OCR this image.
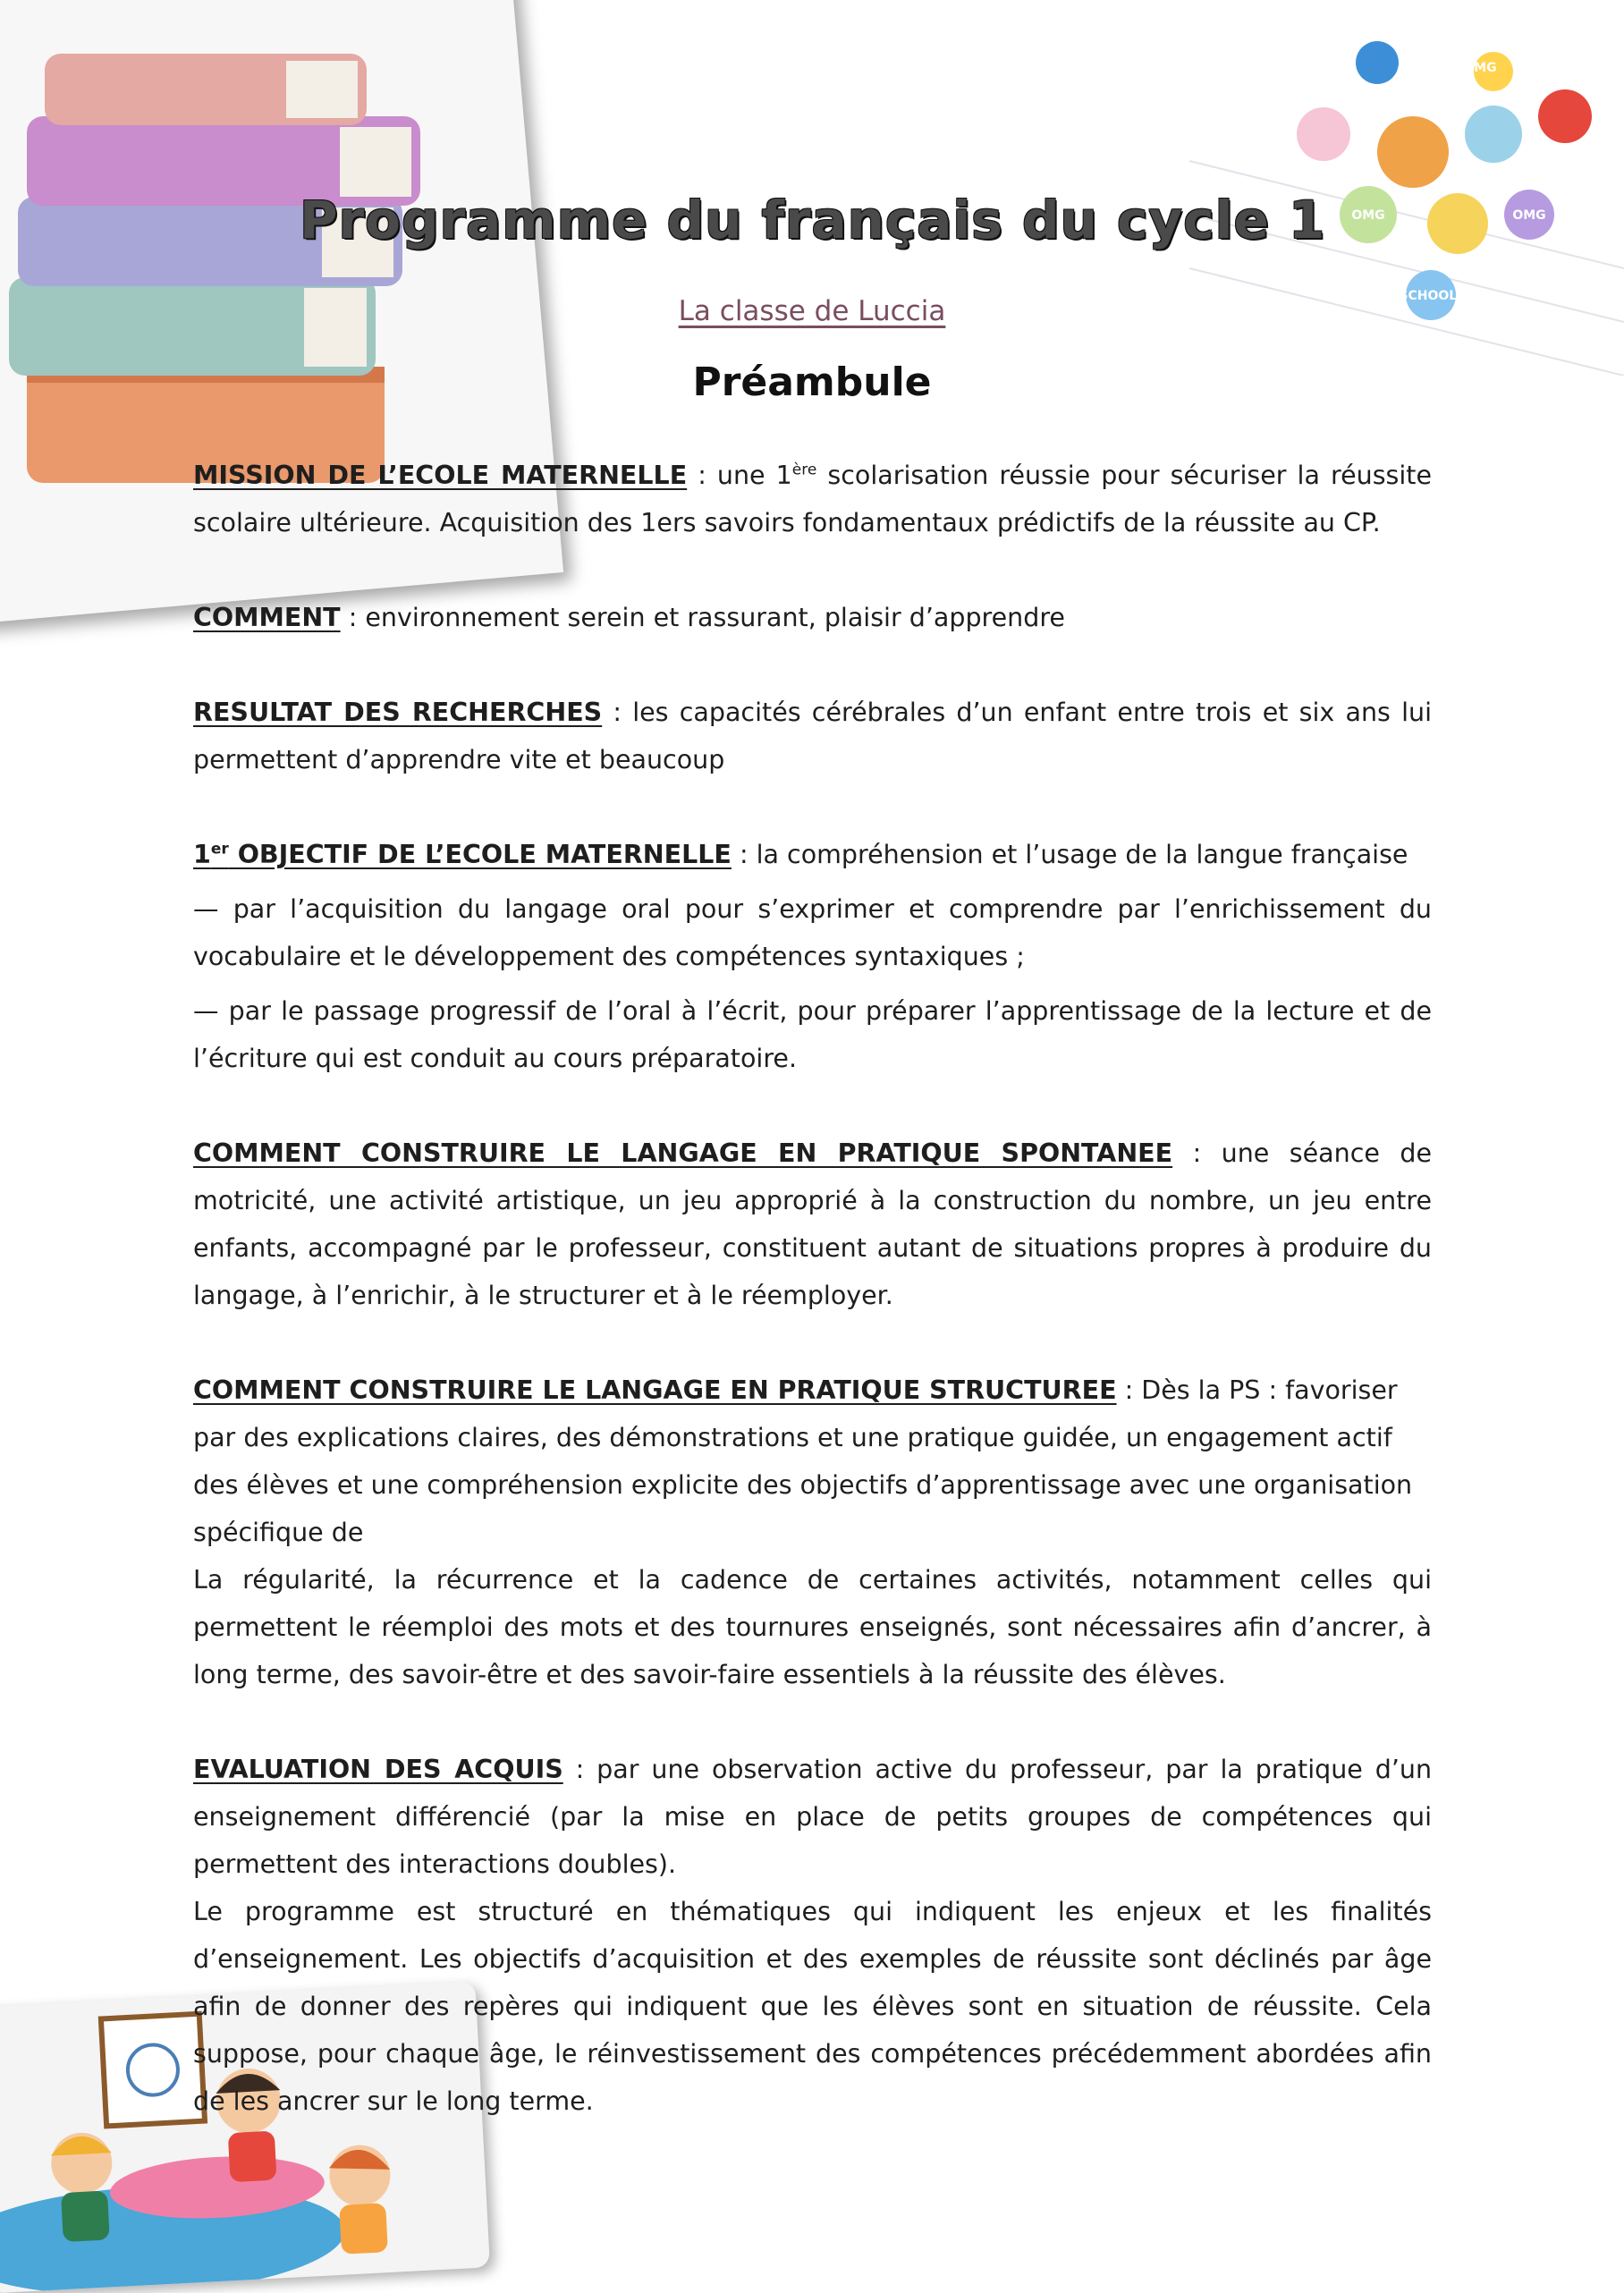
OMG
SCHOOL!
OMG	OMG
Programme du français du cycle 1
La classe de Luccia
Préambule

MISSION DE L’ECOLE MATERNELLE : une 1ère scolarisation réussie pour sécuriser la réussite scolaire ultérieure. Acquisition des 1ers savoirs fondamentaux prédictifs de la réussite au CP.

COMMENT : environnement serein et rassurant, plaisir d’apprendre

RESULTAT DES RECHERCHES : les capacités cérébrales d’un enfant entre trois et six ans lui permettent d’apprendre vite et beaucoup

1er OBJECTIF DE L’ECOLE MATERNELLE : la compréhension et l’usage de la langue française

— par l’acquisition du langage oral pour s’exprimer et comprendre par l’enrichissement du vocabulaire et le développement des compétences syntaxiques ;

— par le passage progressif de l’oral à l’écrit, pour préparer l’apprentissage de la lecture et de l’écriture qui est conduit au cours préparatoire.

COMMENT CONSTRUIRE LE LANGAGE EN PRATIQUE SPONTANEE : une séance de motricité, une activité artistique, un jeu approprié à la construction du nombre, un jeu entre enfants, accompagné par le professeur, constituent autant de situations propres à produire du langage, à l’enrichir, à le structurer et à le réemployer.

COMMENT CONSTRUIRE LE LANGAGE EN PRATIQUE STRUCTUREE : Dès la PS : favoriser par des explications claires, des démonstrations et une pratique guidée, un engagement actif des élèves et une compréhension explicite des objectifs d’apprentissage avec une organisation spécifique de

La régularité, la récurrence et la cadence de certaines activités, notamment celles qui permettent le réemploi des mots et des tournures enseignés, sont nécessaires afin d’ancrer, à long terme, des savoir-être et des savoir-faire essentiels à la réussite des élèves.

EVALUATION DES ACQUIS : par une observation active du professeur, par la pratique d’un enseignement différencié (par la mise en place de petits groupes de compétences qui permettent des interactions doubles).

Le programme est structuré en thématiques qui indiquent les enjeux et les finalités d’enseignement. Les objectifs d’acquisition et des exemples de réussite sont déclinés par âge afin de donner des repères qui indiquent que les élèves sont en situation de réussite. Cela suppose, pour chaque âge, le réinvestissement des compétences précédemment abordées afin de les ancrer sur le long terme.
